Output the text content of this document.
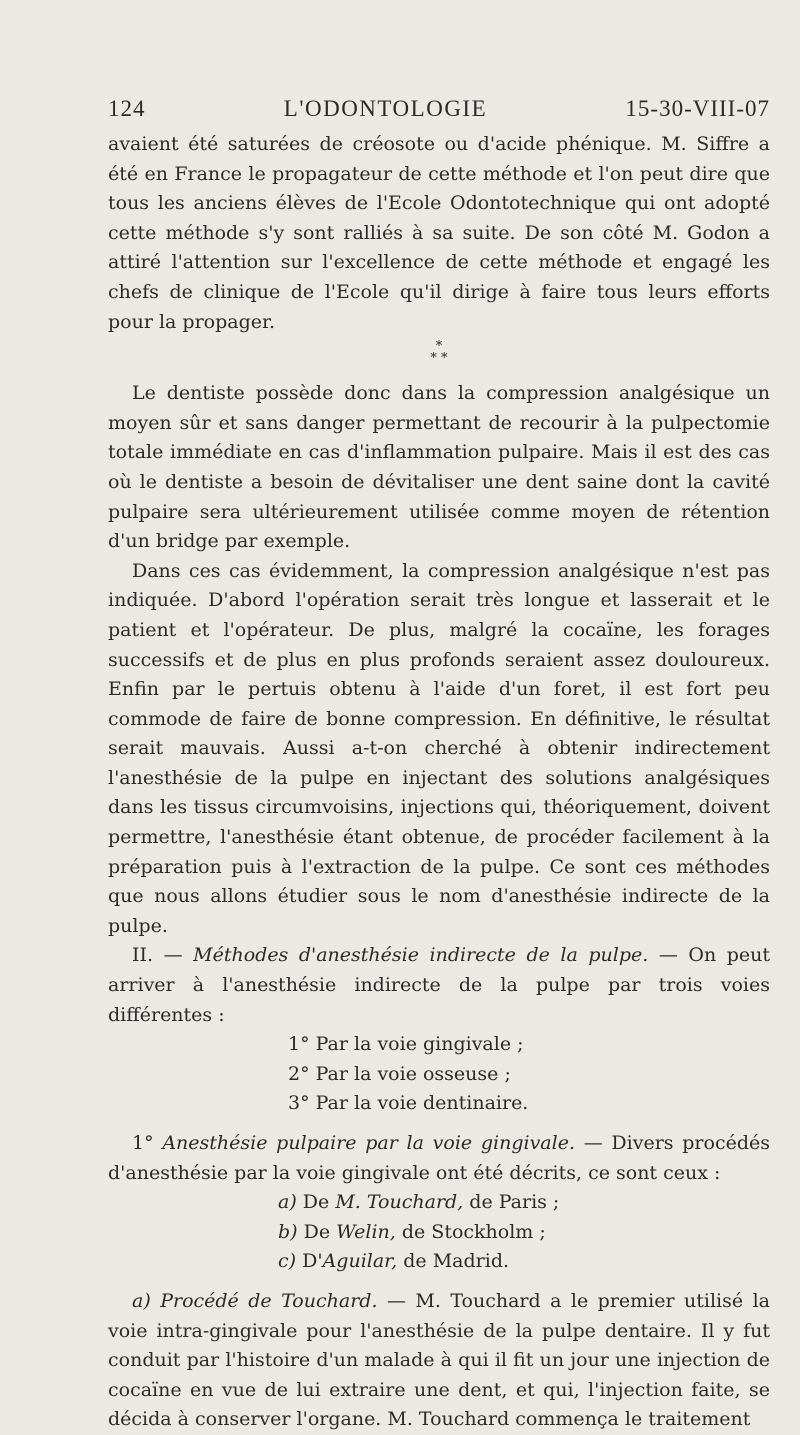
124	L'ODONTOLOGIE	15-30-VIII-07

avaient été saturées de créosote ou d'acide phénique. M. Siffre a été en France le propagateur de cette méthode et l'on peut dire que tous les anciens élèves de l'Ecole Odontotechnique qui ont adopté cette méthode s'y sont ralliés à sa suite. De son côté M. Godon a attiré l'attention sur l'excellence de cette méthode et engagé les chefs de clinique de l'Ecole qu'il dirige à faire tous leurs efforts pour la propager.

*
* *

Le dentiste possède donc dans la compression analgésique un moyen sûr et sans danger permettant de recourir à la pulpectomie totale immédiate en cas d'inflammation pulpaire. Mais il est des cas où le dentiste a besoin de dévitaliser une dent saine dont la cavité pulpaire sera ultérieurement utilisée comme moyen de rétention d'un bridge par exemple.

Dans ces cas évidemment, la compression analgésique n'est pas indiquée. D'abord l'opération serait très longue et lasserait et le patient et l'opérateur. De plus, malgré la cocaïne, les forages successifs et de plus en plus profonds seraient assez douloureux. Enfin par le pertuis obtenu à l'aide d'un foret, il est fort peu commode de faire de bonne compression. En définitive, le résultat serait mauvais. Aussi a-t-on cherché à obtenir indirectement l'anesthésie de la pulpe en injectant des solutions analgésiques dans les tissus circumvoisins, injections qui, théoriquement, doivent permettre, l'anesthésie étant obtenue, de procéder facilement à la préparation puis à l'extraction de la pulpe. Ce sont ces méthodes que nous allons étudier sous le nom d'anesthésie indirecte de la pulpe.

II. — Méthodes d'anesthésie indirecte de la pulpe. — On peut arriver à l'anesthésie indirecte de la pulpe par trois voies différentes :

1° Par la voie gingivale ;
2° Par la voie osseuse ;
3° Par la voie dentinaire.

1° Anesthésie pulpaire par la voie gingivale. — Divers procédés d'anesthésie par la voie gingivale ont été décrits, ce sont ceux :

a) De M. Touchard, de Paris ;
b) De Welin, de Stockholm ;
c) D'Aguilar, de Madrid.

a) Procédé de Touchard. — M. Touchard a le premier utilisé la voie intra-gingivale pour l'anesthésie de la pulpe dentaire. Il y fut conduit par l'histoire d'un malade à qui il fit un jour une injection de cocaïne en vue de lui extraire une dent, et qui, l'injection faite, se décida à conserver l'organe. M. Touchard commença le traitement
